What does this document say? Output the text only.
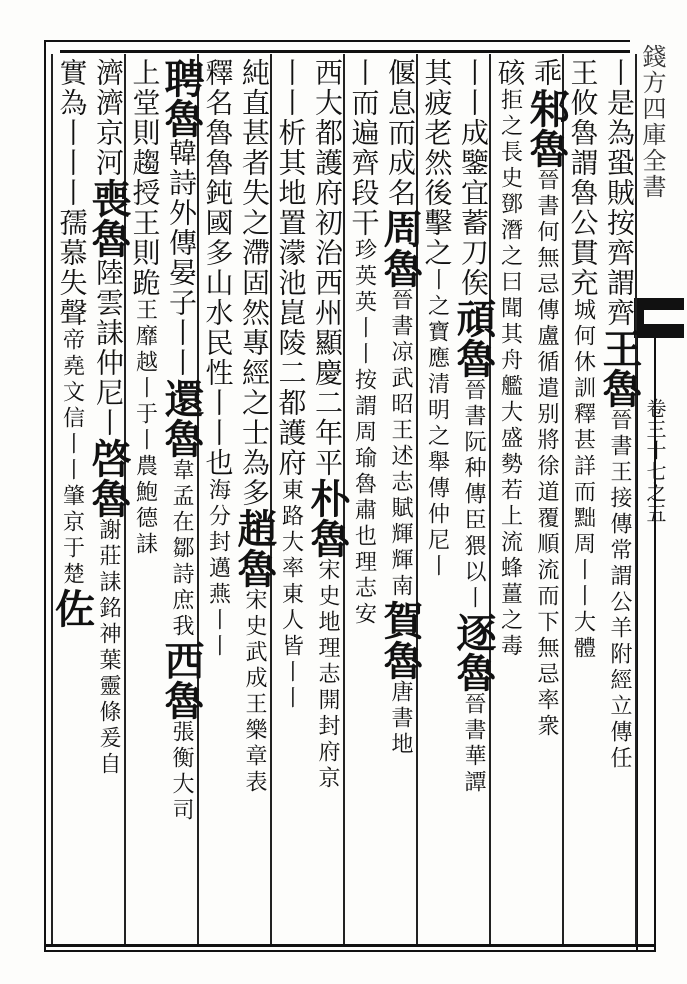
錢方四庫全書
卷三十七之五
丨是為蛩賊按齊謂齊王魯晉書王接傳常謂公羊附經立傳任
王攸魯謂魯公貫充城何休訓釋甚詳而黜周丨丨大體
乖邾魯晉書何無忌傳盧循遣别將徐道覆順流而下無忌率衆
硋拒之長史鄧潛之曰聞其舟艦大盛勢若上流蜂薑之毒
丨丨成鑒宜蓄刀俟頑魯晉書阮种傳臣猥以丨逐魯晉書華譚
其疲老然後擊之丨之寶應清明之舉傳仲尼丨
偃息而成名周魯晉書凉武昭王述志賦輝輝南賀魯唐書地
丨而遍齊段干珍英英丨丨按謂周瑜魯肅也理志安
西大都護府初治西州顯慶二年平朴魯宋史地理志開封府京
丨丨析其地置濛池崑陵二都護府東路大率東人皆丨丨
純直甚者失之滯固然專經之士為多趙魯宋史武成王樂章表
釋名魯魯鈍國多山水民性丨丨也海分封邁燕丨丨
聘魯韓詩外傳晏子丨丨還魯韋孟在鄒詩庶我西魯張衡大司
上堂則趨授王則跪王靡越丨于丨農鮑德誄
濟濟京河喪魯陸雲誄仲尼丨啓魯謝莊誄銘神葉靈條爰自
實為丨丨丨孺慕失聲帝堯文信丨丨肇京于楚佐
